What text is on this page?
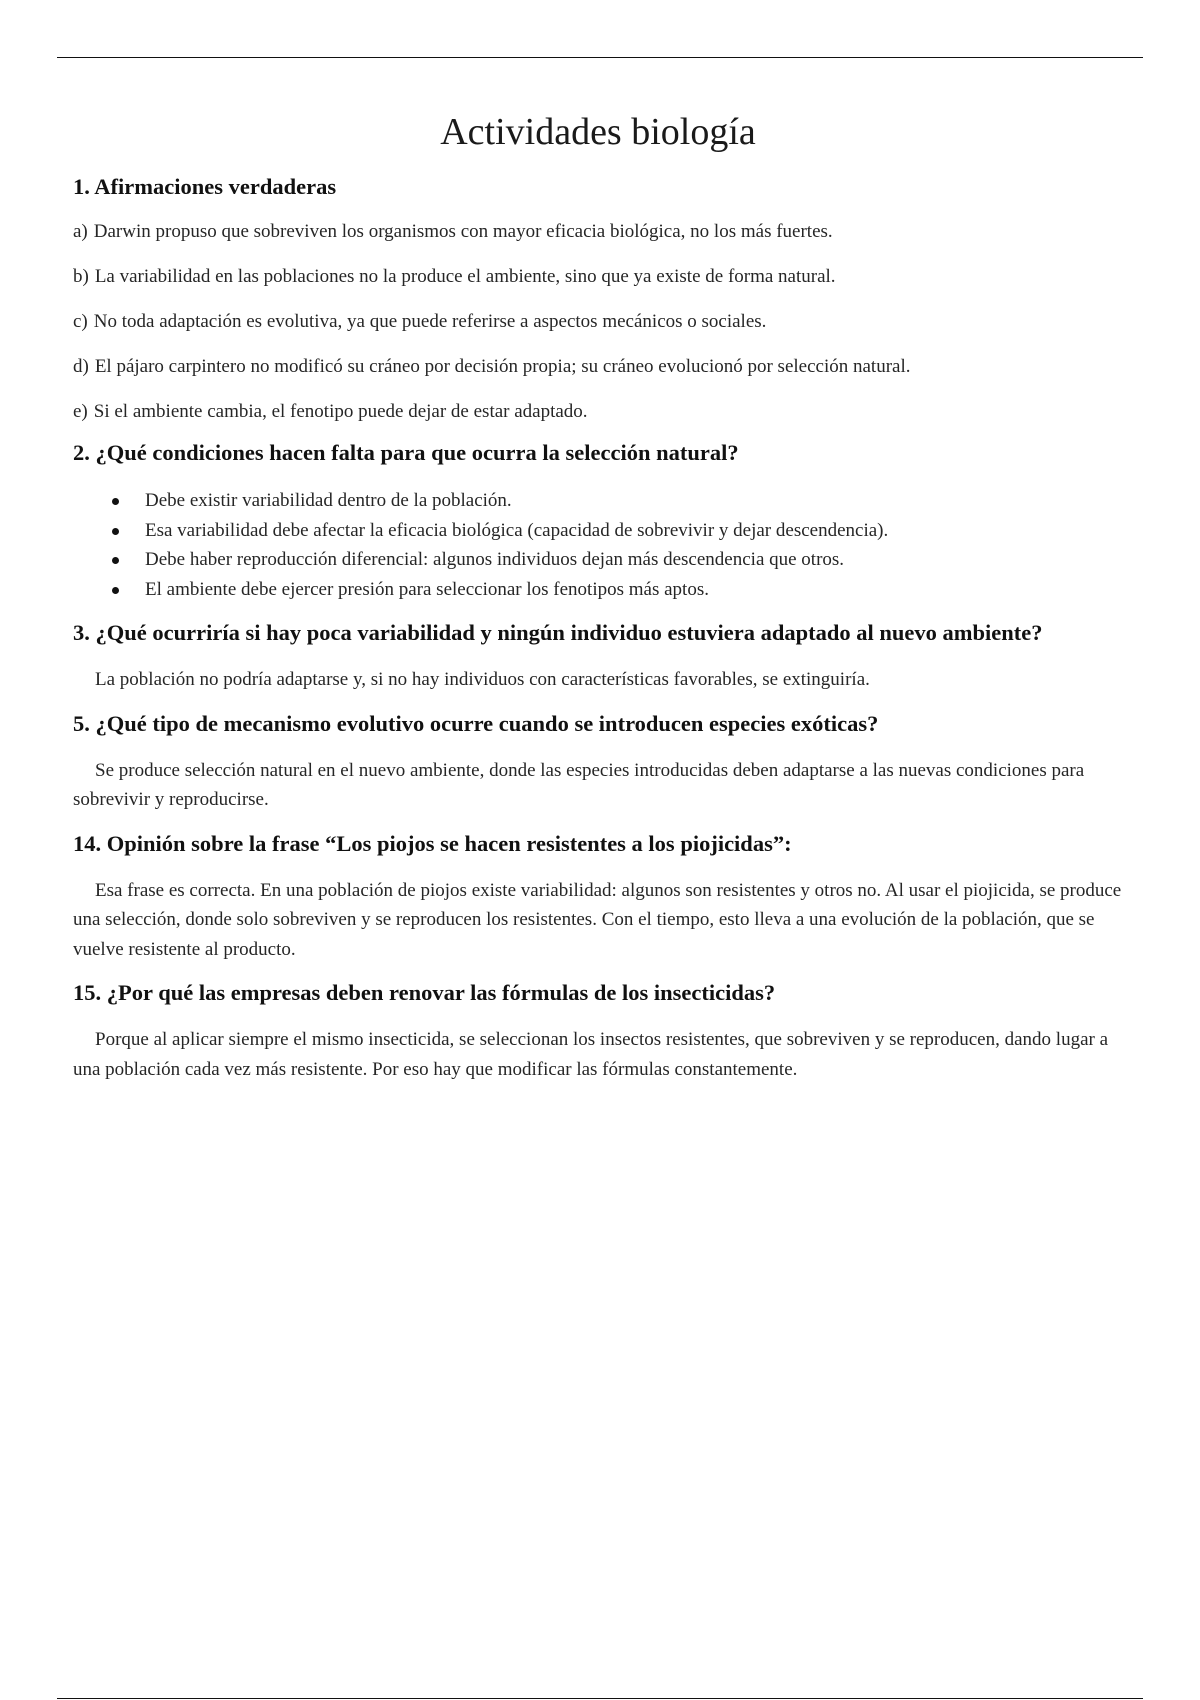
Actividades biología
1. Afirmaciones verdaderas
a) Darwin propuso que sobreviven los organismos con mayor eficacia biológica, no los más fuertes.
b) La variabilidad en las poblaciones no la produce el ambiente, sino que ya existe de forma natural.
c) No toda adaptación es evolutiva, ya que puede referirse a aspectos mecánicos o sociales.
d) El pájaro carpintero no modificó su cráneo por decisión propia; su cráneo evolucionó por selección natural.
e) Si el ambiente cambia, el fenotipo puede dejar de estar adaptado.
2. ¿Qué condiciones hacen falta para que ocurra la selección natural?
Debe existir variabilidad dentro de la población.
Esa variabilidad debe afectar la eficacia biológica (capacidad de sobrevivir y dejar descendencia).
Debe haber reproducción diferencial: algunos individuos dejan más descendencia que otros.
El ambiente debe ejercer presión para seleccionar los fenotipos más aptos.
3. ¿Qué ocurriría si hay poca variabilidad y ningún individuo estuviera adaptado al nuevo ambiente?

La población no podría adaptarse y, si no hay individuos con características favorables, se extinguiría.

5. ¿Qué tipo de mecanismo evolutivo ocurre cuando se introducen especies exóticas?

Se produce selección natural en el nuevo ambiente, donde las especies introducidas deben adaptarse a las nuevas condiciones para sobrevivir y reproducirse.

14. Opinión sobre la frase “Los piojos se hacen resistentes a los piojicidas”:

Esa frase es correcta. En una población de piojos existe variabilidad: algunos son resistentes y otros no. Al usar el piojicida, se produce una selección, donde solo sobreviven y se reproducen los resistentes. Con el tiempo, esto lleva a una evolución de la población, que se vuelve resistente al producto.

15. ¿Por qué las empresas deben renovar las fórmulas de los insecticidas?

Porque al aplicar siempre el mismo insecticida, se seleccionan los insectos resistentes, que sobreviven y se reproducen, dando lugar a una población cada vez más resistente. Por eso hay que modificar las fórmulas constantemente.
